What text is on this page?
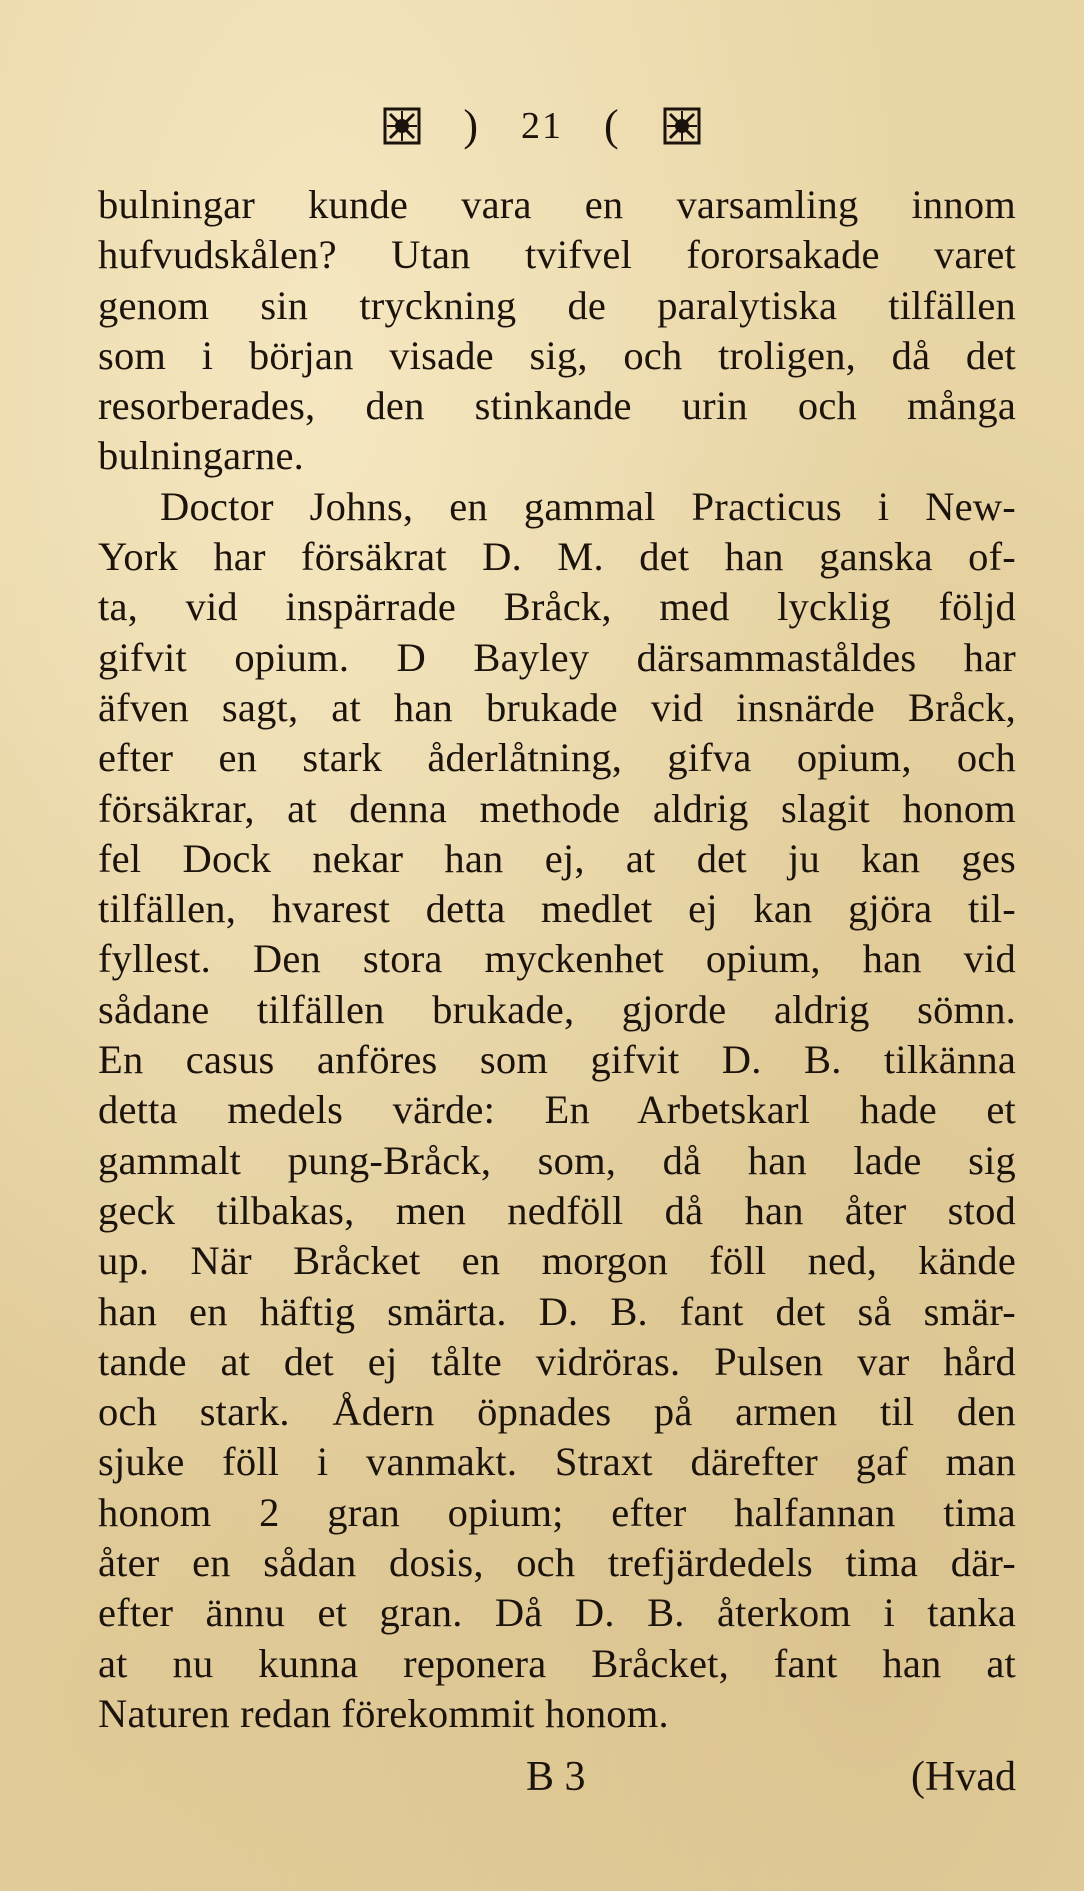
) 21 (
bulningar kunde vara en varsamling innom
hufvudskålen? Utan tvifvel fororsakade varet
genom sin tryckning de paralytiska tilfällen
som i början visade sig, och troligen, då det
resorberades, den stinkande urin och många
bulningarne.
Doctor Johns, en gammal Practicus i New-
York har försäkrat D. M. det han ganska of-
ta, vid inspärrade Bråck, med lycklig följd
gifvit opium. D Bayley därsammaståldes har
äfven sagt, at han brukade vid insnärde Bråck,
efter en stark åderlåtning, gifva opium, och
försäkrar, at denna methode aldrig slagit honom
fel Dock nekar han ej, at det ju kan ges
tilfällen, hvarest detta medlet ej kan gjöra til-
fyllest. Den stora myckenhet opium, han vid
sådane tilfällen brukade, gjorde aldrig sömn.
En casus anföres som gifvit D. B. tilkänna
detta medels värde: En Arbetskarl hade et
gammalt pung-Bråck, som, då han lade sig
geck tilbakas, men nedföll då han åter stod
up. När Bråcket en morgon föll ned, kände
han en häftig smärta. D. B. fant det så smär-
tande at det ej tålte vidröras. Pulsen var hård
och stark. Ådern öpnades på armen til den
sjuke föll i vanmakt. Straxt därefter gaf man
honom 2 gran opium; efter halfannan tima
åter en sådan dosis, och trefjärdedels tima där-
efter ännu et gran. Då D. B. återkom i tanka
at nu kunna reponera Bråcket, fant han at
Naturen redan förekommit honom.
B 3	(Hvad
